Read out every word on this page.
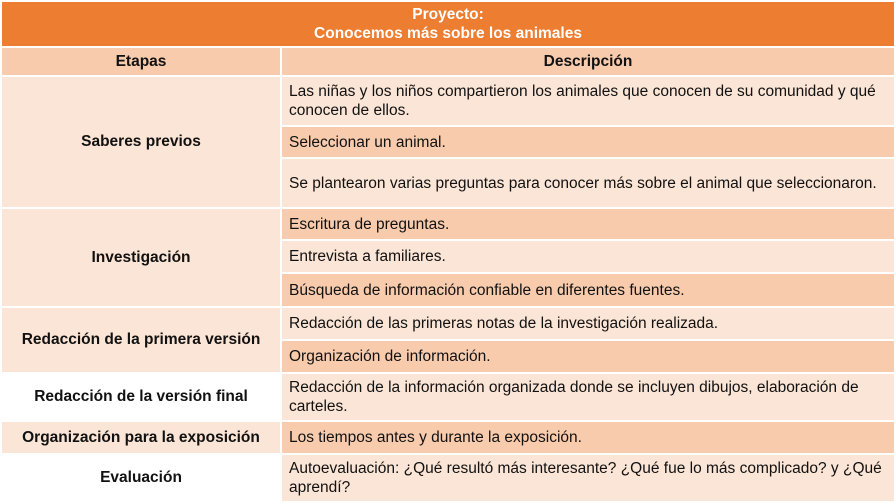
Proyecto:
Conocemos más sobre los animales	

Etapas	Descripción
Saberes previos	Las niñas y los niños compartieron los animales que conocen de su comunidad y qué conocen de ellos.
	Seleccionar un animal.
	Se plantearon varias preguntas para conocer más sobre el animal que seleccionaron.
Investigación	Escritura de preguntas.
	Entrevista a familiares.
	Búsqueda de información confiable en diferentes fuentes.
Redacción de la primera versión	Redacción de las primeras notas de la investigación realizada.
	Organización de información.
Redacción de la versión final	Redacción de la información organizada donde se incluyen dibujos, elaboración de carteles.
Organización para la exposición	Los tiempos antes y durante la exposición.
Evaluación	Autoevaluación: ¿Qué resultó más interesante? ¿Qué fue lo más complicado? y ¿Qué aprendí?
